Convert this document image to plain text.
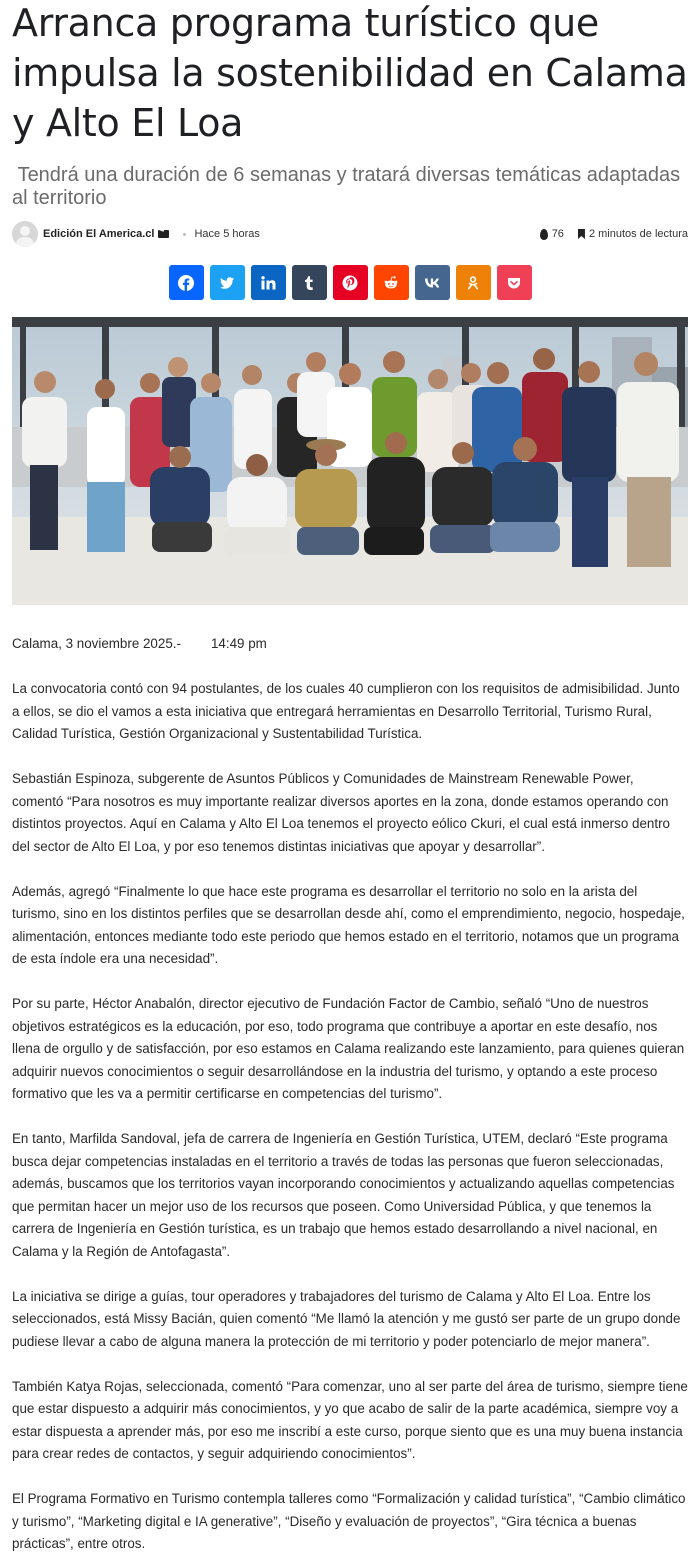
Arranca programa turístico que impulsa la sostenibilidad en Calama y Alto El Loa
Tendrá una duración de 6 semanas y tratará diversas temáticas adaptadas al territorio
Edición El America.cl	Hace 5 horas	76 2 minutos de lectura
Calama, 3 noviembre 2025.- 14:49 pm

La convocatoria contó con 94 postulantes, de los cuales 40 cumplieron con los requisitos de admisibilidad. Junto a ellos, se dio el vamos a esta iniciativa que entregará herramientas en Desarrollo Territorial, Turismo Rural, Calidad Turística, Gestión Organizacional y Sustentabilidad Turística.

Sebastián Espinoza, subgerente de Asuntos Públicos y Comunidades de Mainstream Renewable Power, comentó “Para nosotros es muy importante realizar diversos aportes en la zona, donde estamos operando con distintos proyectos. Aquí en Calama y Alto El Loa tenemos el proyecto eólico Ckuri, el cual está inmerso dentro del sector de Alto El Loa, y por eso tenemos distintas iniciativas que apoyar y desarrollar”.

Además, agregó “Finalmente lo que hace este programa es desarrollar el territorio no solo en la arista del turismo, sino en los distintos perfiles que se desarrollan desde ahí, como el emprendimiento, negocio, hospedaje, alimentación, entonces mediante todo este periodo que hemos estado en el territorio, notamos que un programa de esta índole era una necesidad”.

Por su parte, Héctor Anabalón, director ejecutivo de Fundación Factor de Cambio, señaló “Uno de nuestros objetivos estratégicos es la educación, por eso, todo programa que contribuye a aportar en este desafío, nos llena de orgullo y de satisfacción, por eso estamos en Calama realizando este lanzamiento, para quienes quieran adquirir nuevos conocimientos o seguir desarrollándose en la industria del turismo, y optando a este proceso formativo que les va a permitir certificarse en competencias del turismo”.

En tanto, Marfilda Sandoval, jefa de carrera de Ingeniería en Gestión Turística, UTEM, declaró “Este programa busca dejar competencias instaladas en el territorio a través de todas las personas que fueron seleccionadas, además, buscamos que los territorios vayan incorporando conocimientos y actualizando aquellas competencias que permitan hacer un mejor uso de los recursos que poseen. Como Universidad Pública, y que tenemos la carrera de Ingeniería en Gestión turística, es un trabajo que hemos estado desarrollando a nivel nacional, en Calama y la Región de Antofagasta”.

La iniciativa se dirige a guías, tour operadores y trabajadores del turismo de Calama y Alto El Loa. Entre los seleccionados, está Missy Bacián, quien comentó “Me llamó la atención y me gustó ser parte de un grupo donde pudiese llevar a cabo de alguna manera la protección de mi territorio y poder potenciarlo de mejor manera”.

También Katya Rojas, seleccionada, comentó “Para comenzar, uno al ser parte del área de turismo, siempre tiene que estar dispuesto a adquirir más conocimientos, y yo que acabo de salir de la parte académica, siempre voy a estar dispuesta a aprender más, por eso me inscribí a este curso, porque siento que es una muy buena instancia para crear redes de contactos, y seguir adquiriendo conocimientos”.

El Programa Formativo en Turismo contempla talleres como “Formalización y calidad turística”, “Cambio climático y turismo”, “Marketing digital e IA generative”, “Diseño y evaluación de proyectos”, “Gira técnica a buenas prácticas”, entre otros.
